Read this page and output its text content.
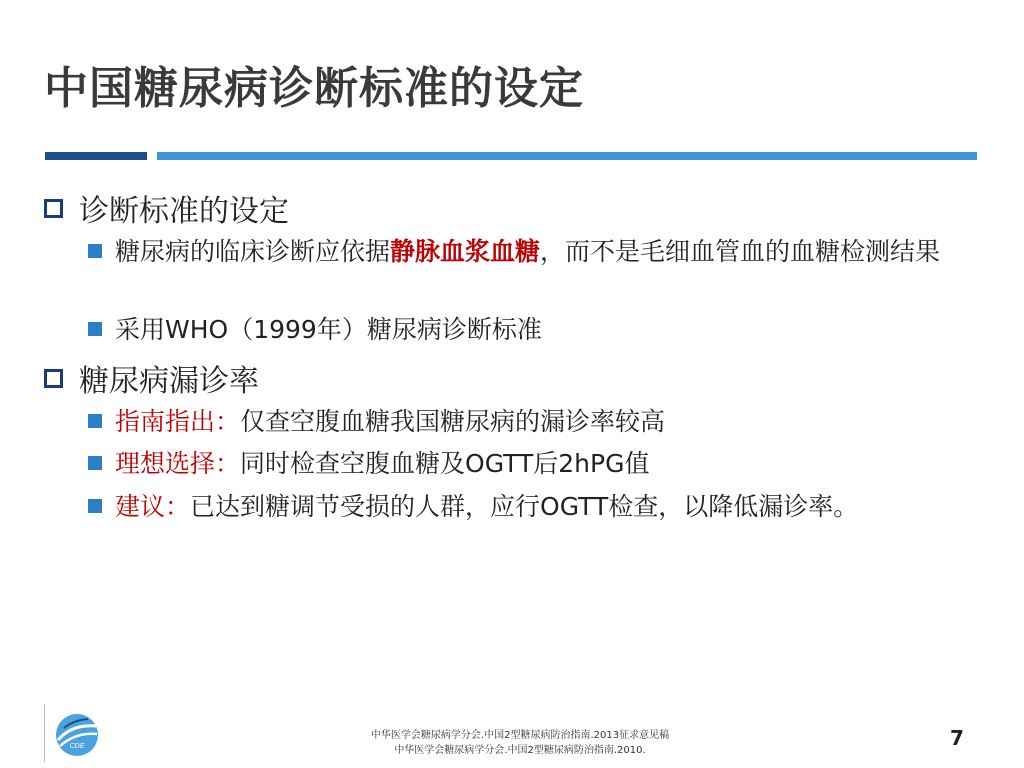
中国糖尿病诊断标准的设定
诊断标准的设定
糖尿病的临床诊断应依据静脉血浆血糖，而不是毛细血管血的血糖检测结果
采用WHO（1999年）糖尿病诊断标准
糖尿病漏诊率
指南指出：仅查空腹血糖我国糖尿病的漏诊率较高
理想选择：同时检查空腹血糖及OGTT后2hPG值
建议：已达到糖调节受损的人群，应行OGTT检查，以降低漏诊率。
CDE
中华医学会糖尿病学分会.中国2型糖尿病防治指南.2013征求意见稿
中华医学会糖尿病学分会.中国2型糖尿病防治指南.2010.
7
